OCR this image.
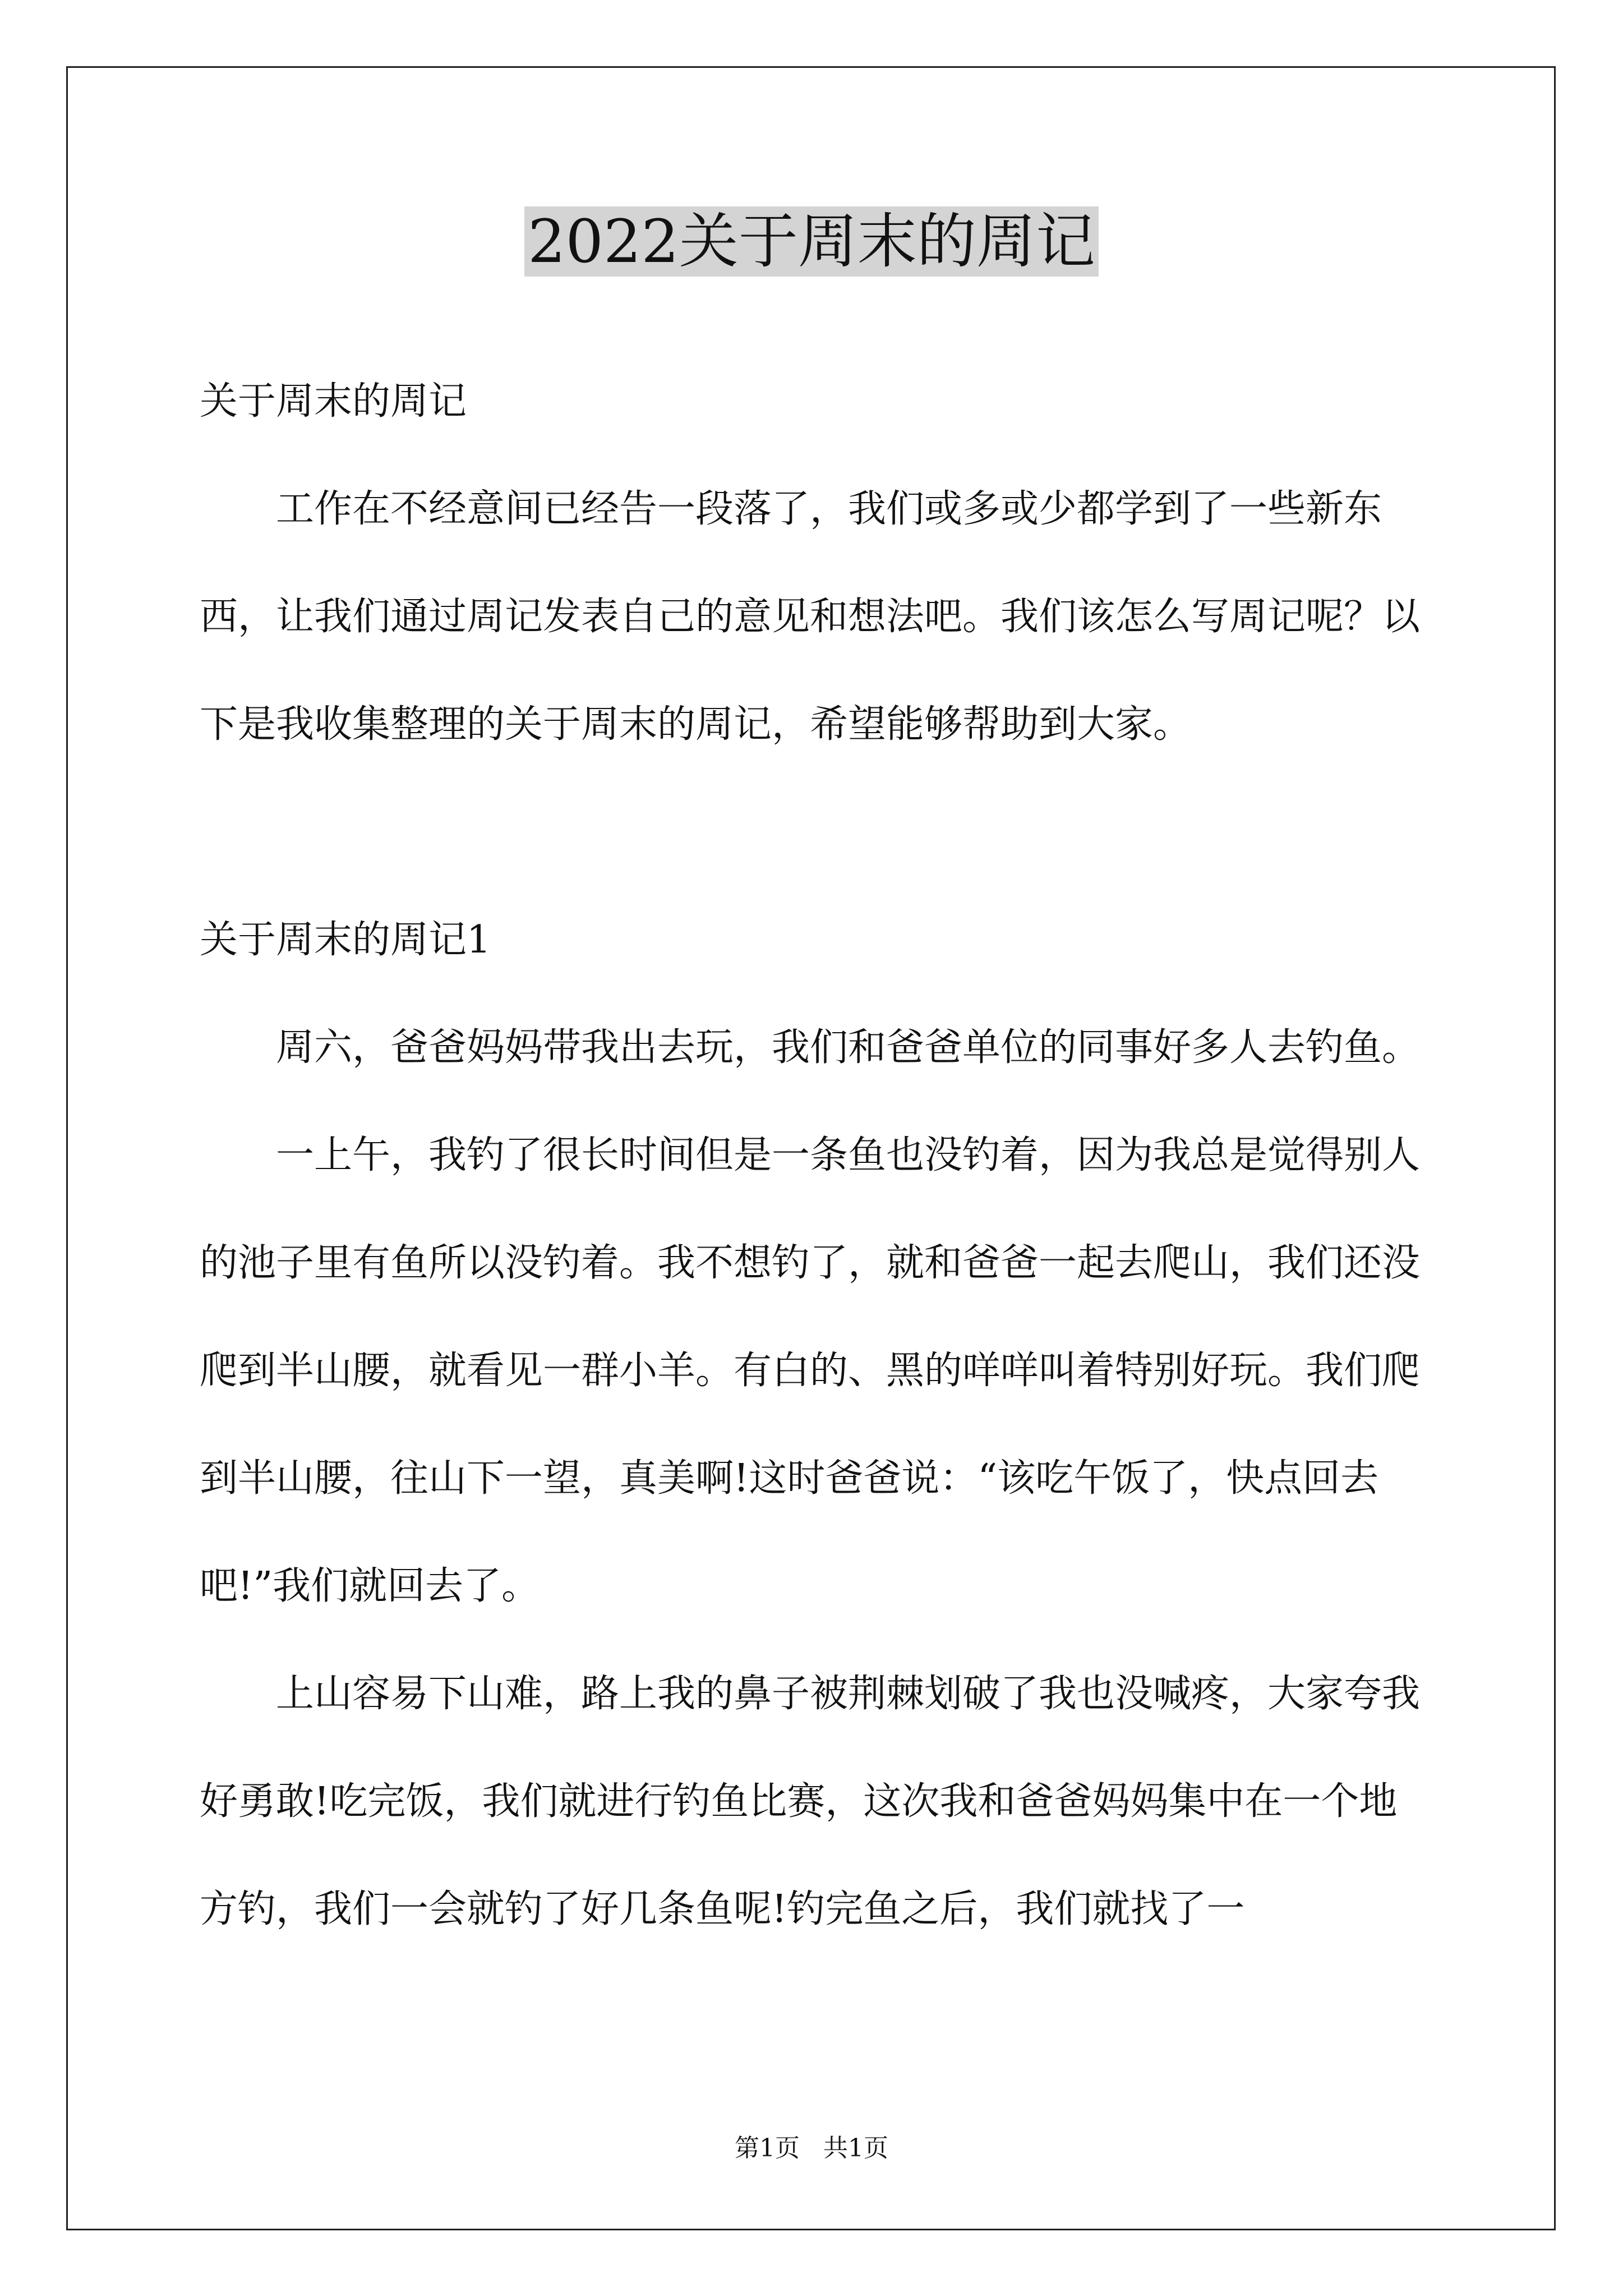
2022关于周末的周记

关于周末的周记

工作在不经意间已经告一段落了，我们或多或少都学到了一些新东西，让我们通过周记发表自己的意见和想法吧。我们该怎么写周记呢？以下是我收集整理的关于周末的周记，希望能够帮助到大家。

关于周末的周记1

周六，爸爸妈妈带我出去玩，我们和爸爸单位的同事好多人去钓鱼。

一上午，我钓了很长时间但是一条鱼也没钓着，因为我总是觉得别人的池子里有鱼所以没钓着。我不想钓了，就和爸爸一起去爬山，我们还没爬到半山腰，就看见一群小羊。有白的、黑的咩咩叫着特别好玩。我们爬到半山腰，往山下一望，真美啊!这时爸爸说：“该吃午饭了，快点回去吧!”我们就回去了。

上山容易下山难，路上我的鼻子被荆棘划破了我也没喊疼，大家夸我好勇敢!吃完饭，我们就进行钓鱼比赛，这次我和爸爸妈妈集中在一个地方钓，我们一会就钓了好几条鱼呢!钓完鱼之后，我们就找了一

第1页   共1页
